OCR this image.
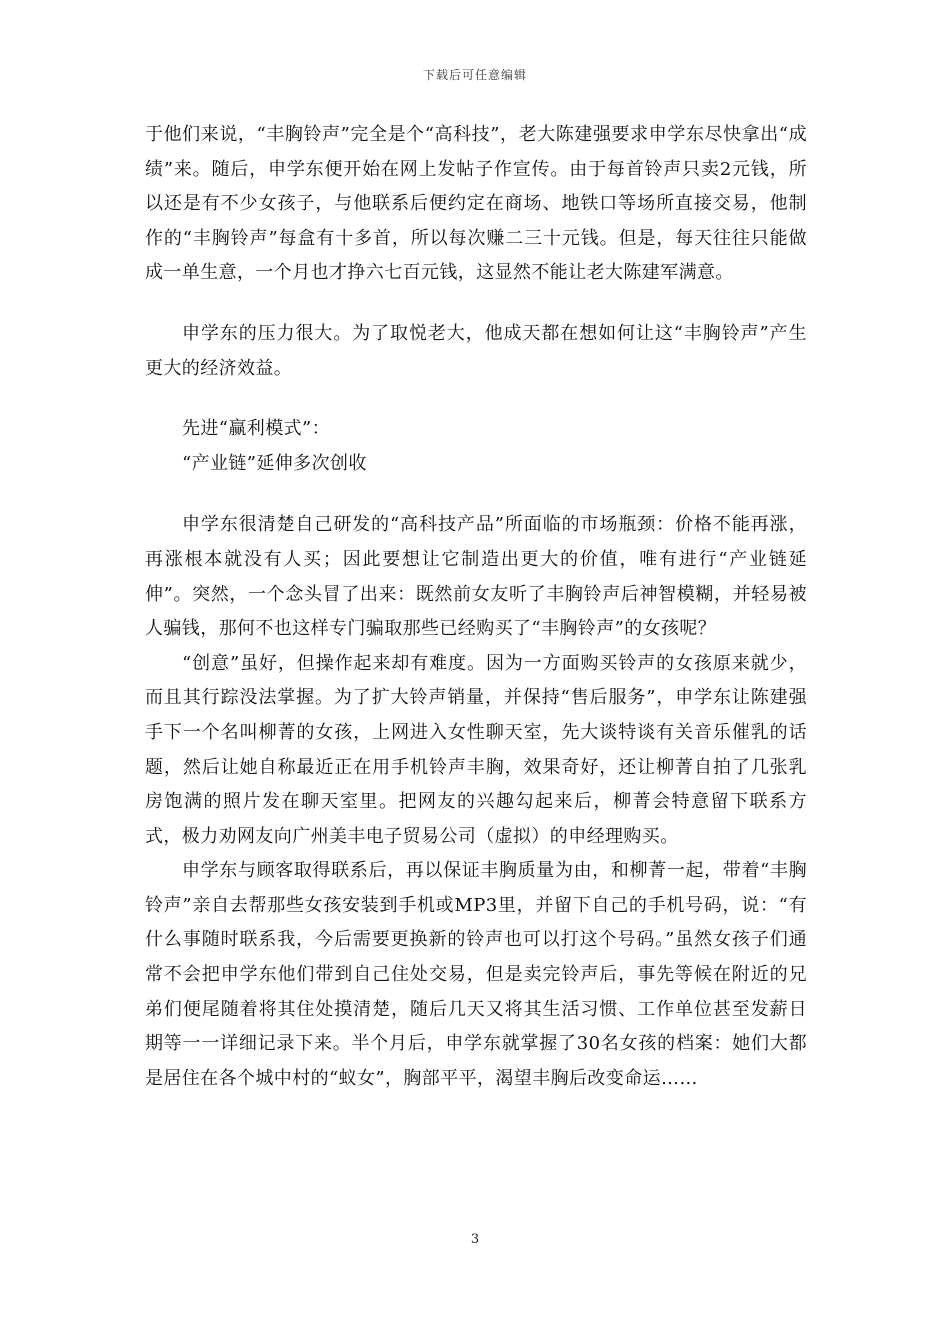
下载后可任意编辑

于他们来说，“丰胸铃声”完全是个“高科技”，老大陈建强要求申学东尽快拿出“成绩”来。随后，申学东便开始在网上发帖子作宣传。由于每首铃声只卖2元钱，所以还是有不少女孩子，与他联系后便约定在商场、地铁口等场所直接交易，他制作的“丰胸铃声”每盒有十多首，所以每次赚二三十元钱。但是，每天往往只能做成一单生意，一个月也才挣六七百元钱，这显然不能让老大陈建军满意。

申学东的压力很大。为了取悦老大，他成天都在想如何让这“丰胸铃声”产生更大的经济效益。

先进“赢利模式”：

“产业链”延伸多次创收

申学东很清楚自己研发的“高科技产品”所面临的市场瓶颈：价格不能再涨，再涨根本就没有人买；因此要想让它制造出更大的价值，唯有进行“产业链延伸”。突然，一个念头冒了出来：既然前女友听了丰胸铃声后神智模糊，并轻易被人骗钱，那何不也这样专门骗取那些已经购买了“丰胸铃声”的女孩呢？

“创意”虽好，但操作起来却有难度。因为一方面购买铃声的女孩原来就少，而且其行踪没法掌握。为了扩大铃声销量，并保持“售后服务”，申学东让陈建强手下一个名叫柳菁的女孩，上网进入女性聊天室，先大谈特谈有关音乐催乳的话题，然后让她自称最近正在用手机铃声丰胸，效果奇好，还让柳菁自拍了几张乳房饱满的照片发在聊天室里。把网友的兴趣勾起来后，柳菁会特意留下联系方式，极力劝网友向广州美丰电子贸易公司（虚拟）的申经理购买。

申学东与顾客取得联系后，再以保证丰胸质量为由，和柳菁一起，带着“丰胸铃声”亲自去帮那些女孩安装到手机或MP3里，并留下自己的手机号码，说：“有什么事随时联系我，今后需要更换新的铃声也可以打这个号码。”虽然女孩子们通常不会把申学东他们带到自己住处交易，但是卖完铃声后，事先等候在附近的兄弟们便尾随着将其住处摸清楚，随后几天又将其生活习惯、工作单位甚至发薪日期等一一详细记录下来。半个月后，申学东就掌握了30名女孩的档案：她们大都是居住在各个城中村的“蚁女”，胸部平平，渴望丰胸后改变命运……

3
